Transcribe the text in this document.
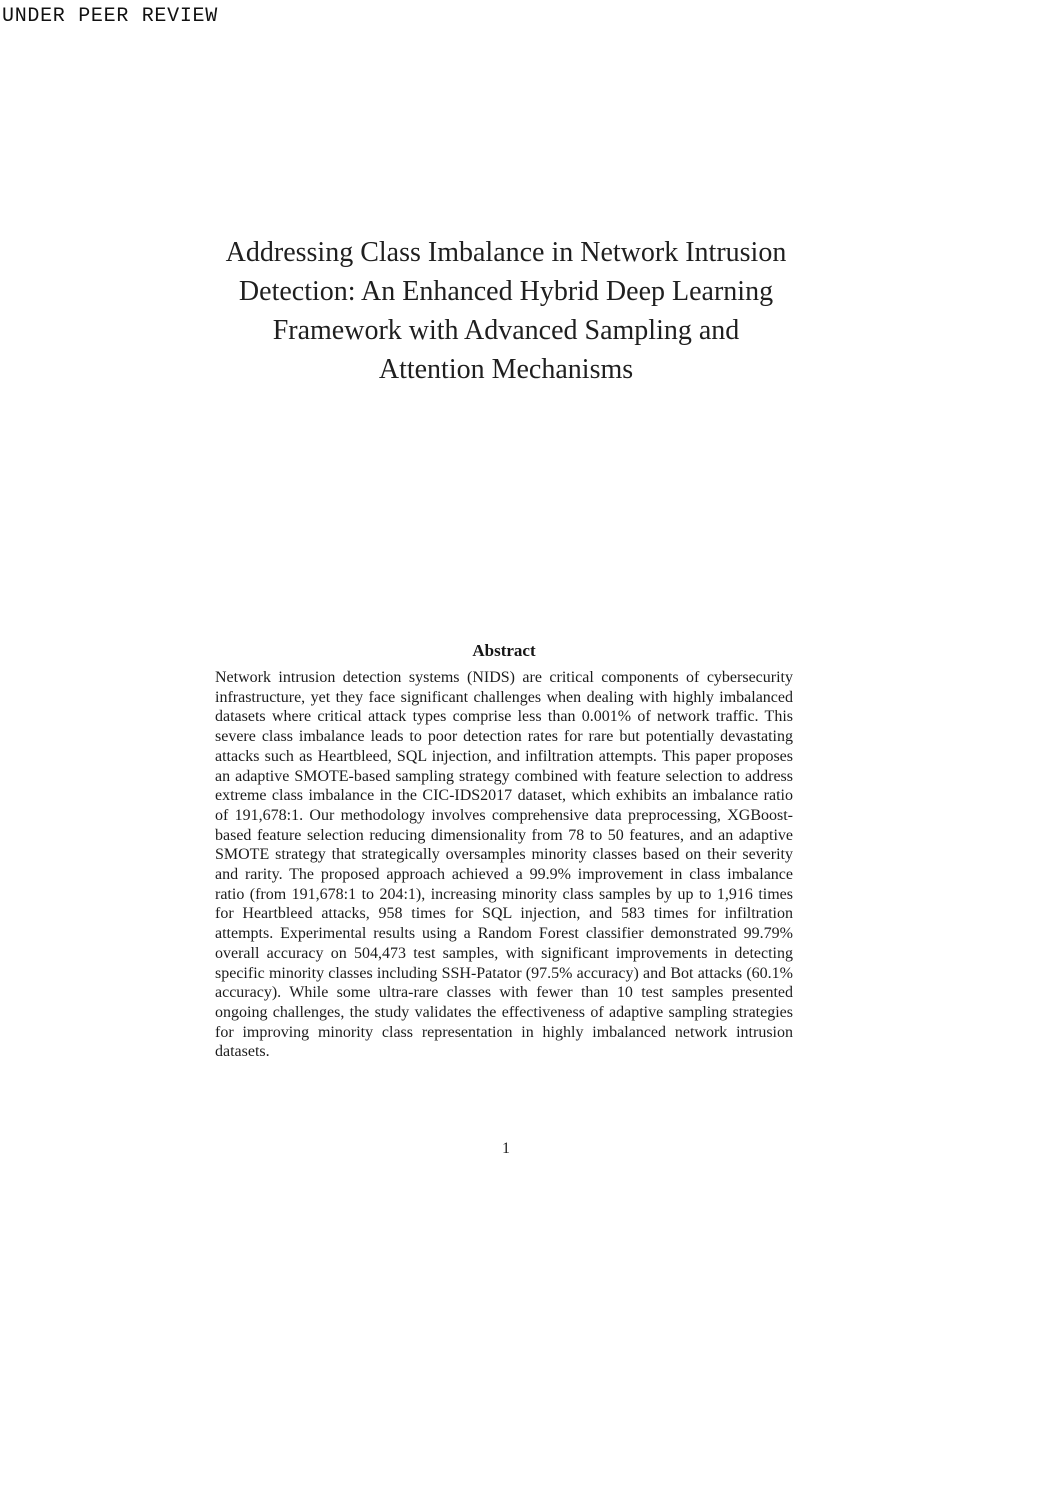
UNDER PEER REVIEW
Addressing Class Imbalance in Network Intrusion
Detection: An Enhanced Hybrid Deep Learning
Framework with Advanced Sampling and
Attention Mechanisms
Abstract

Network intrusion detection systems (NIDS) are critical components of cybersecurity infrastructure, yet they face significant challenges when dealing with highly imbalanced datasets where critical attack types comprise less than 0.001% of network traffic. This severe class imbalance leads to poor detection rates for rare but potentially devastating attacks such as Heartbleed, SQL injection, and infiltration attempts. This paper proposes an adaptive SMOTE-based sampling strategy combined with feature selection to address extreme class imbalance in the CIC-IDS2017 dataset, which exhibits an imbalance ratio of 191,678:1. Our methodology involves comprehensive data preprocessing, XGBoost-based feature selection reducing dimensionality from 78 to 50 features, and an adaptive SMOTE strategy that strategically oversamples minority classes based on their severity and rarity. The proposed approach achieved a 99.9% improvement in class imbalance ratio (from 191,678:1 to 204:1), increasing minority class samples by up to 1,916 times for Heartbleed attacks, 958 times for SQL injection, and 583 times for infiltration attempts. Experimental results using a Random Forest classifier demonstrated 99.79% overall accuracy on 504,473 test samples, with significant improvements in detecting specific minority classes including SSH-Patator (97.5% accuracy) and Bot attacks (60.1% accuracy). While some ultra-rare classes with fewer than 10 test samples presented ongoing challenges, the study validates the effectiveness of adaptive sampling strategies for improving minority class representation in highly imbalanced network intrusion datasets.

1
